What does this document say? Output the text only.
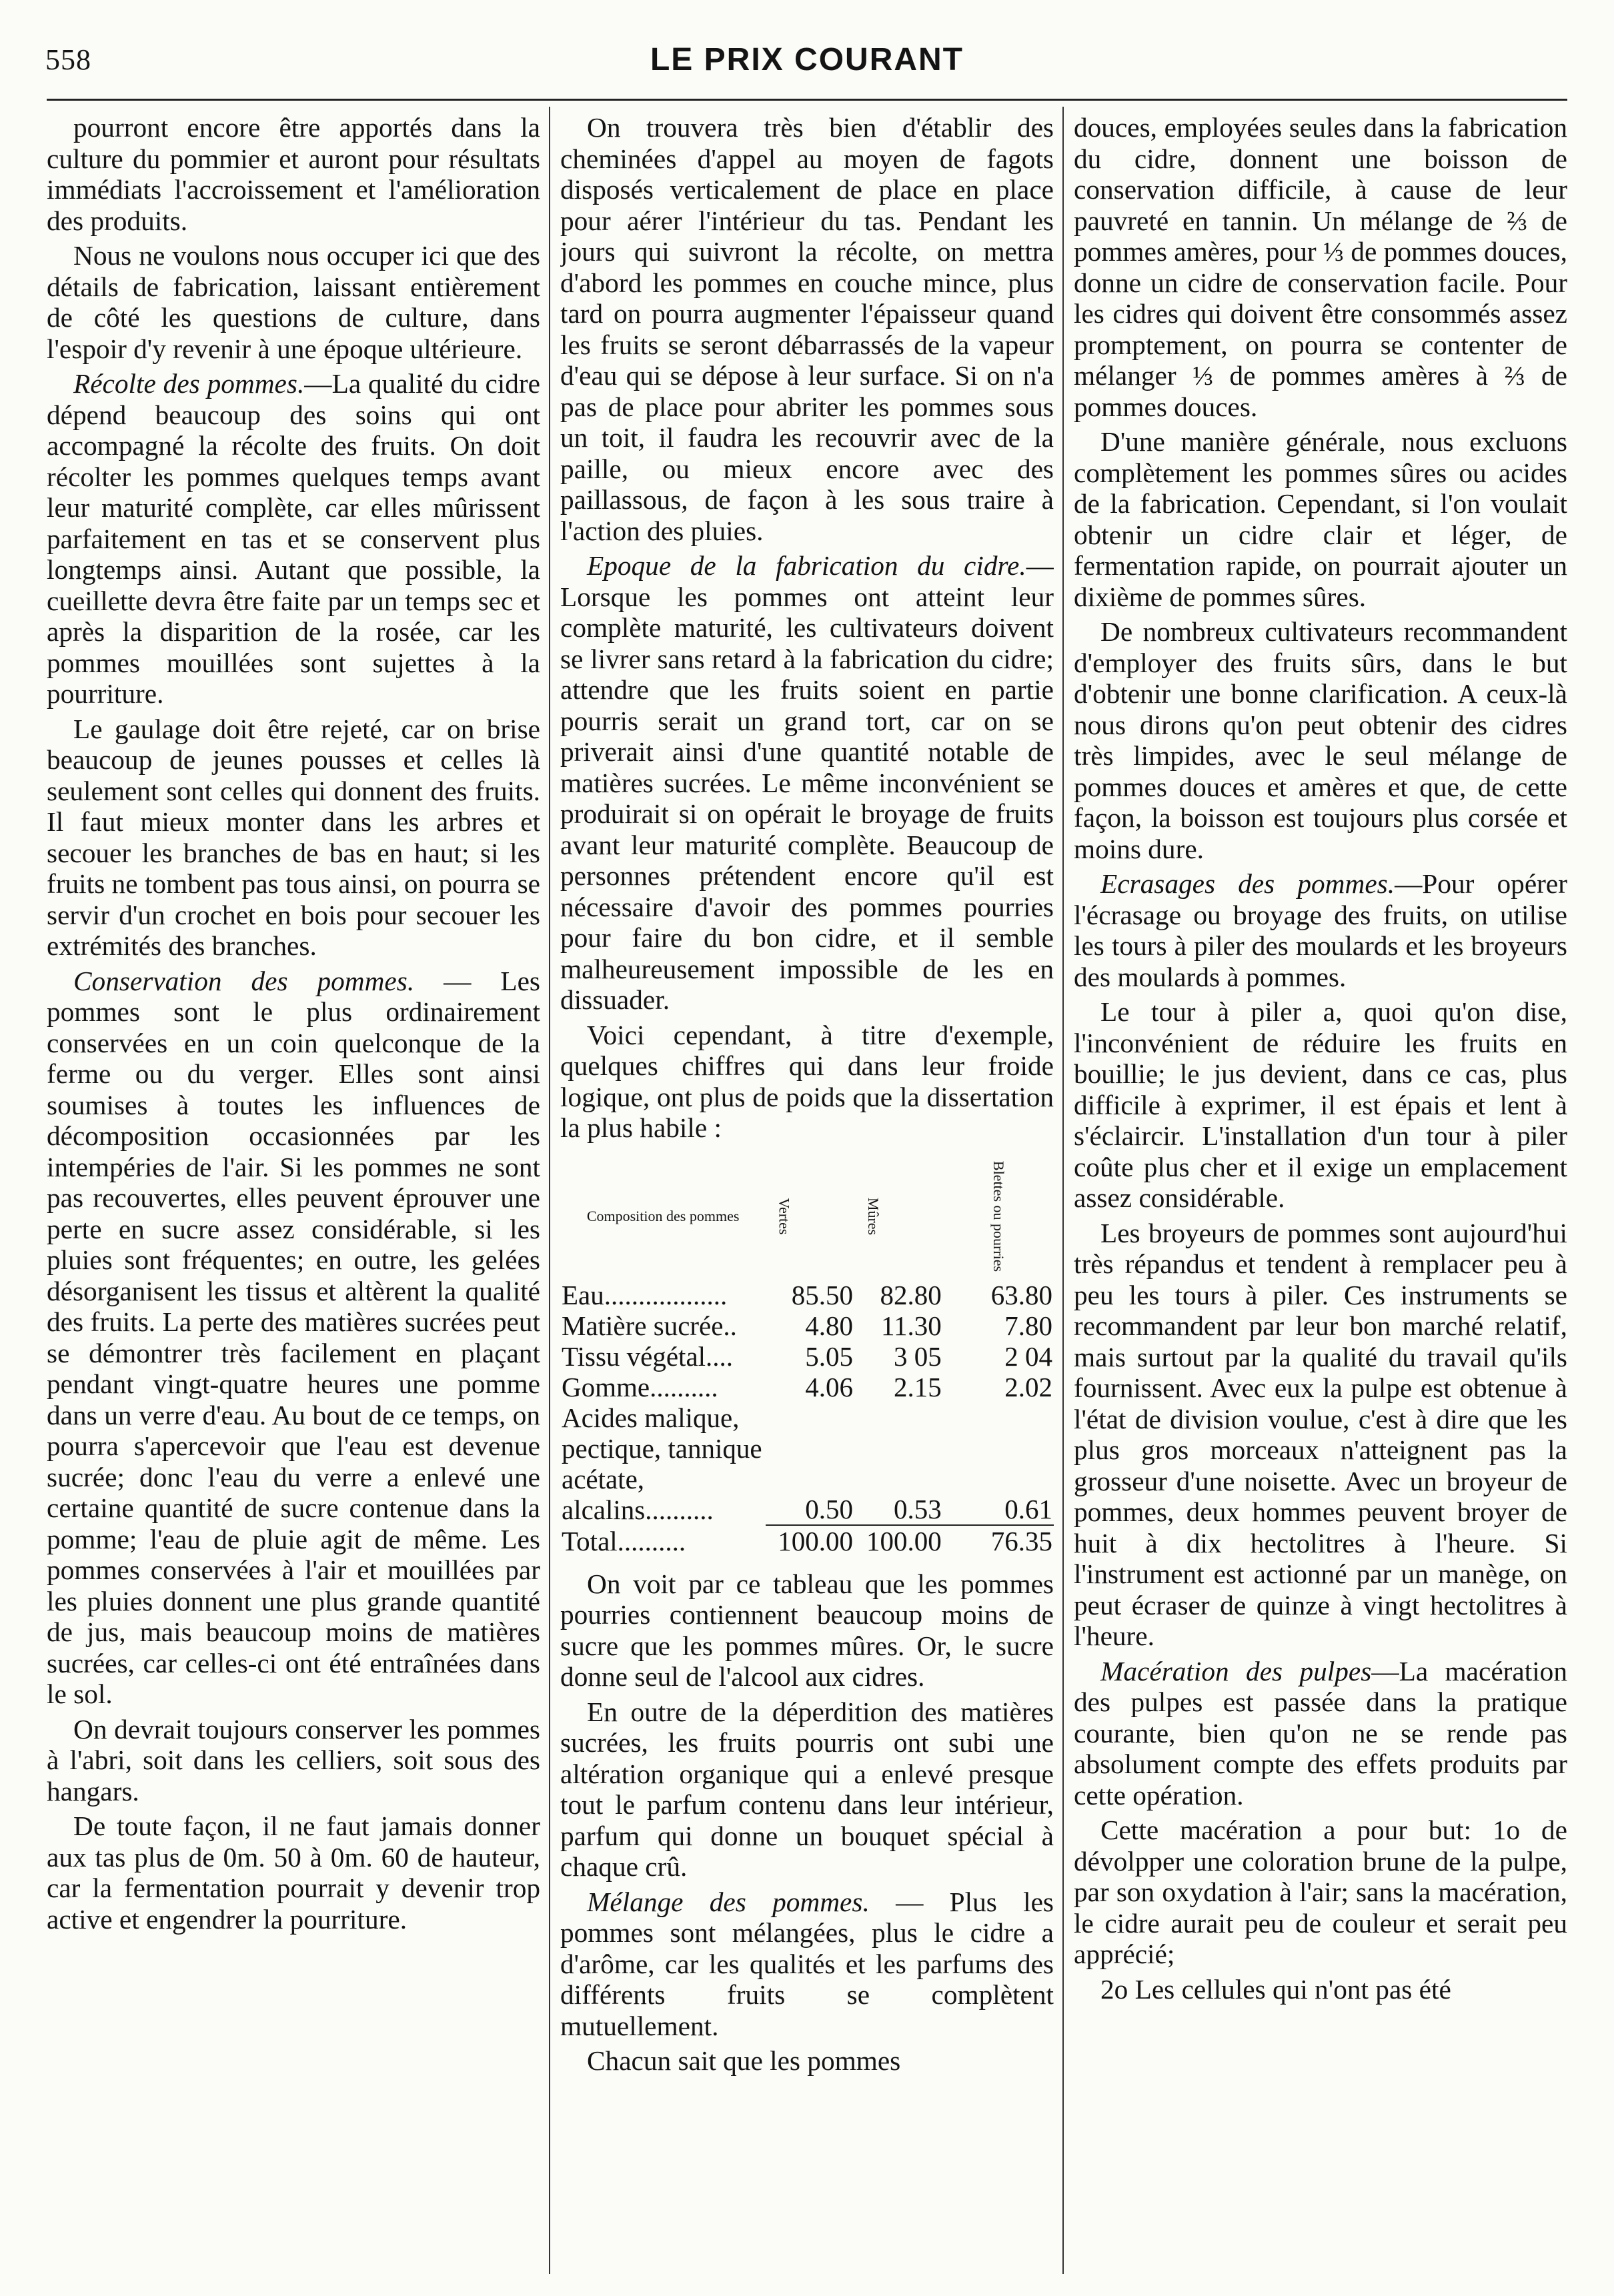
558	LE PRIX COURANT

pourront encore être apportés dans la culture du pommier et auront pour résultats immédiats l'accroissement et l'amélioration des produits.

Nous ne voulons nous occuper ici que des détails de fabrication, laissant entièrement de côté les questions de culture, dans l'espoir d'y revenir à une époque ultérieure.

Récolte des pommes.—La qualité du cidre dépend beaucoup des soins qui ont accompagné la récolte des fruits. On doit récolter les pommes quelques temps avant leur maturité complète, car elles mûrissent parfaitement en tas et se conservent plus longtemps ainsi. Autant que possible, la cueillette devra être faite par un temps sec et après la disparition de la rosée, car les pommes mouillées sont sujettes à la pourriture.

Le gaulage doit être rejeté, car on brise beaucoup de jeunes pousses et celles là seulement sont celles qui donnent des fruits. Il faut mieux monter dans les arbres et secouer les branches de bas en haut; si les fruits ne tombent pas tous ainsi, on pourra se servir d'un crochet en bois pour secouer les extrémités des branches.

Conservation des pommes. — Les pommes sont le plus ordinairement conservées en un coin quelconque de la ferme ou du verger. Elles sont ainsi soumises à toutes les influences de décomposition occasionnées par les intempéries de l'air. Si les pommes ne sont pas recouvertes, elles peuvent éprouver une perte en sucre assez considérable, si les pluies sont fréquentes; en outre, les gelées désorganisent les tissus et altèrent la qualité des fruits. La perte des matières sucrées peut se démontrer très facilement en plaçant pendant vingt-quatre heures une pomme dans un verre d'eau. Au bout de ce temps, on pourra s'apercevoir que l'eau est devenue sucrée; donc l'eau du verre a enlevé une certaine quantité de sucre contenue dans la pomme; l'eau de pluie agit de même. Les pommes conservées à l'air et mouillées par les pluies donnent une plus grande quantité de jus, mais beaucoup moins de matières sucrées, car celles-ci ont été entraînées dans le sol.

On devrait toujours conserver les pommes à l'abri, soit dans les celliers, soit sous des hangars.

De toute façon, il ne faut jamais donner aux tas plus de 0m. 50 à 0m. 60 de hauteur, car la fermentation pourrait y devenir trop active et engendrer la pourriture.

On trouvera très bien d'établir des cheminées d'appel au moyen de fagots disposés verticalement de place en place pour aérer l'intérieur du tas. Pendant les jours qui suivront la récolte, on mettra d'abord les pommes en couche mince, plus tard on pourra augmenter l'épaisseur quand les fruits se seront débarrassés de la vapeur d'eau qui se dépose à leur surface. Si on n'a pas de place pour abriter les pommes sous un toit, il faudra les recouvrir avec de la paille, ou mieux encore avec des paillassous, de façon à les sous traire à l'action des pluies.

Epoque de la fabrication du cidre.— Lorsque les pommes ont atteint leur complète maturité, les cultivateurs doivent se livrer sans retard à la fabrication du cidre; attendre que les fruits soient en partie pourris serait un grand tort, car on se priverait ainsi d'une quantité notable de matières sucrées. Le même inconvénient se produirait si on opérait le broyage de fruits avant leur maturité complète. Beaucoup de personnes prétendent encore qu'il est nécessaire d'avoir des pommes pourries pour faire du bon cidre, et il semble malheureusement impossible de les en dissuader.

Voici cependant, à titre d'exemple, quelques chiffres qui dans leur froide logique, ont plus de poids que la dissertation la plus habile :

Composition des pommes	Vertes	Mûres	Blettes ou pourries
Eau..................	85.50	82.80	63.80
Matière sucrée..	4.80	11.30	7.80
Tissu végétal....	5.05	3 05	2 04
Gomme..........	4.06	2.15	2.02
Acides malique, pectique, tannique acétate, alcalins..........	0.50	0.53	0.61
Total..........	100.00	100.00	76.35

On voit par ce tableau que les pommes pourries contiennent beaucoup moins de sucre que les pommes mûres. Or, le sucre donne seul de l'alcool aux cidres.

En outre de la déperdition des matières sucrées, les fruits pourris ont subi une altération organique qui a enlevé presque tout le parfum contenu dans leur intérieur, parfum qui donne un bouquet spécial à chaque crû.

Mélange des pommes. — Plus les pommes sont mélangées, plus le cidre a d'arôme, car les qualités et les parfums des différents fruits se complètent mutuellement.

Chacun sait que les pommes

douces, employées seules dans la fabrication du cidre, donnent une boisson de conservation difficile, à cause de leur pauvreté en tannin. Un mélange de ⅔ de pommes amères, pour ⅓ de pommes douces, donne un cidre de conservation facile. Pour les cidres qui doivent être consommés assez promptement, on pourra se contenter de mélanger ⅓ de pommes amères à ⅔ de pommes douces.

D'une manière générale, nous excluons complètement les pommes sûres ou acides de la fabrication. Cependant, si l'on voulait obtenir un cidre clair et léger, de fermentation rapide, on pourrait ajouter un dixième de pommes sûres.

De nombreux cultivateurs recommandent d'employer des fruits sûrs, dans le but d'obtenir une bonne clarification. A ceux-là nous dirons qu'on peut obtenir des cidres très limpides, avec le seul mélange de pommes douces et amères et que, de cette façon, la boisson est toujours plus corsée et moins dure.

Ecrasages des pommes.—Pour opérer l'écrasage ou broyage des fruits, on utilise les tours à piler des moulards et les broyeurs des moulards à pommes.

Le tour à piler a, quoi qu'on dise, l'inconvénient de réduire les fruits en bouillie; le jus devient, dans ce cas, plus difficile à exprimer, il est épais et lent à s'éclaircir. L'installation d'un tour à piler coûte plus cher et il exige un emplacement assez considérable.

Les broyeurs de pommes sont aujourd'hui très répandus et tendent à remplacer peu à peu les tours à piler. Ces instruments se recommandent par leur bon marché relatif, mais surtout par la qualité du travail qu'ils fournissent. Avec eux la pulpe est obtenue à l'état de division voulue, c'est à dire que les plus gros morceaux n'atteignent pas la grosseur d'une noisette. Avec un broyeur de pommes, deux hommes peuvent broyer de huit à dix hectolitres à l'heure. Si l'instrument est actionné par un manège, on peut écraser de quinze à vingt hectolitres à l'heure.

Macération des pulpes—La macération des pulpes est passée dans la pratique courante, bien qu'on ne se rende pas absolument compte des effets produits par cette opération.

Cette macération a pour but: 1o de dévolpper une coloration brune de la pulpe, par son oxydation à l'air; sans la macération, le cidre aurait peu de couleur et serait peu apprécié;

2o Les cellules qui n'ont pas été
